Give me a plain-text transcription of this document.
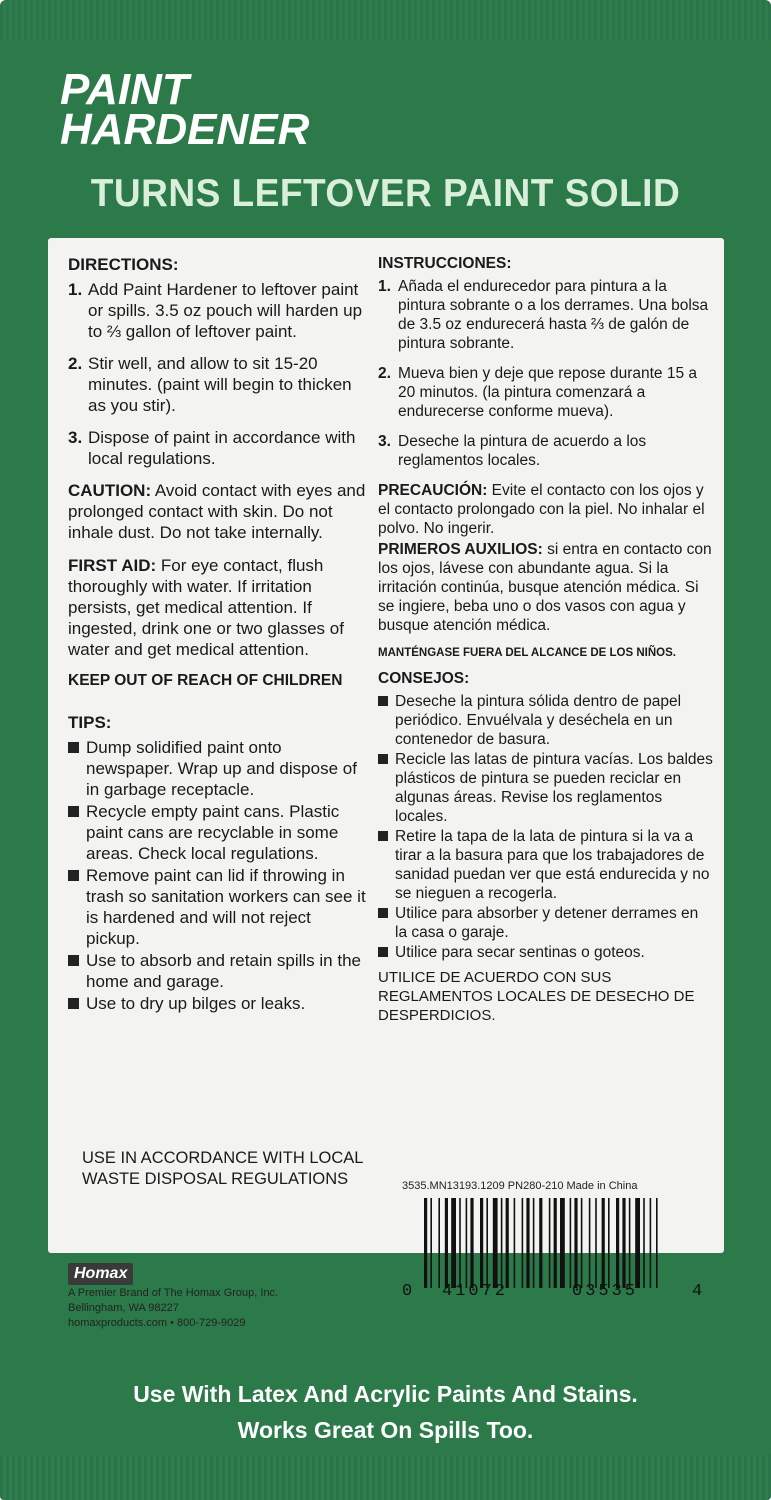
PAINT
HARDENER
TURNS LEFTOVER PAINT SOLID
DIRECTIONS:
1. Add Paint Hardener to leftover paint or spills. 3.5 oz pouch will harden up to ⅔ gallon of leftover paint.
2. Stir well, and allow to sit 15-20 minutes. (paint will begin to thicken as you stir).
3. Dispose of paint in accordance with local regulations.
CAUTION: Avoid contact with eyes and prolonged contact with skin. Do not inhale dust. Do not take internally.
FIRST AID: For eye contact, flush thoroughly with water. If irritation persists, get medical attention. If ingested, drink one or two glasses of water and get medical attention.
KEEP OUT OF REACH OF CHILDREN
TIPS:
Dump solidified paint onto newspaper. Wrap up and dispose of in garbage receptacle.
Recycle empty paint cans. Plastic paint cans are recyclable in some areas. Check local regulations.
Remove paint can lid if throwing in trash so sanitation workers can see it is hardened and will not reject pickup.
Use to absorb and retain spills in the home and garage.
Use to dry up bilges or leaks.
INSTRUCCIONES:
1. Añada el endurecedor para pintura a la pintura sobrante o a los derrames. Una bolsa de 3.5 oz endurecerá hasta ⅔ de galón de pintura sobrante.
2. Mueva bien y deje que repose durante 15 a 20 minutos. (la pintura comenzará a endurecerse conforme mueva).
3. Deseche la pintura de acuerdo a los reglamentos locales.
PRECAUCIÓN: Evite el contacto con los ojos y el contacto prolongado con la piel. No inhalar el polvo. No ingerir.
PRIMEROS AUXILIOS: si entra en contacto con los ojos, lávese con abundante agua. Si la irritación continúa, busque atención médica. Si se ingiere, beba uno o dos vasos con agua y busque atención médica.
MANTÉNGASE FUERA DEL ALCANCE DE LOS NIÑOS.
CONSEJOS:
Deseche la pintura sólida dentro de papel periódico. Envuélvala y deséchela en un contenedor de basura.
Recicle las latas de pintura vacías. Los baldes plásticos de pintura se pueden reciclar en algunas áreas. Revise los reglamentos locales.
Retire la tapa de la lata de pintura si la va a tirar a la basura para que los trabajadores de sanidad puedan ver que está endurecida y no se nieguen a recogerla.
Utilice para absorber y detener derrames en la casa o garaje.
Utilice para secar sentinas o goteos.
UTILICE DE ACUERDO CON SUS REGLAMENTOS LOCALES DE DESECHO DE DESPERDICIOS.
USE IN ACCORDANCE WITH LOCAL WASTE DISPOSAL REGULATIONS	3535.MN13193.1209 PN280-210 Made in China
0 41072	03535	4
Homax
A Premier Brand of The Homax Group, Inc.
Bellingham, WA 98227
homaxproducts.com • 800-729-9029
Use With Latex And Acrylic Paints And Stains.
Works Great On Spills Too.
